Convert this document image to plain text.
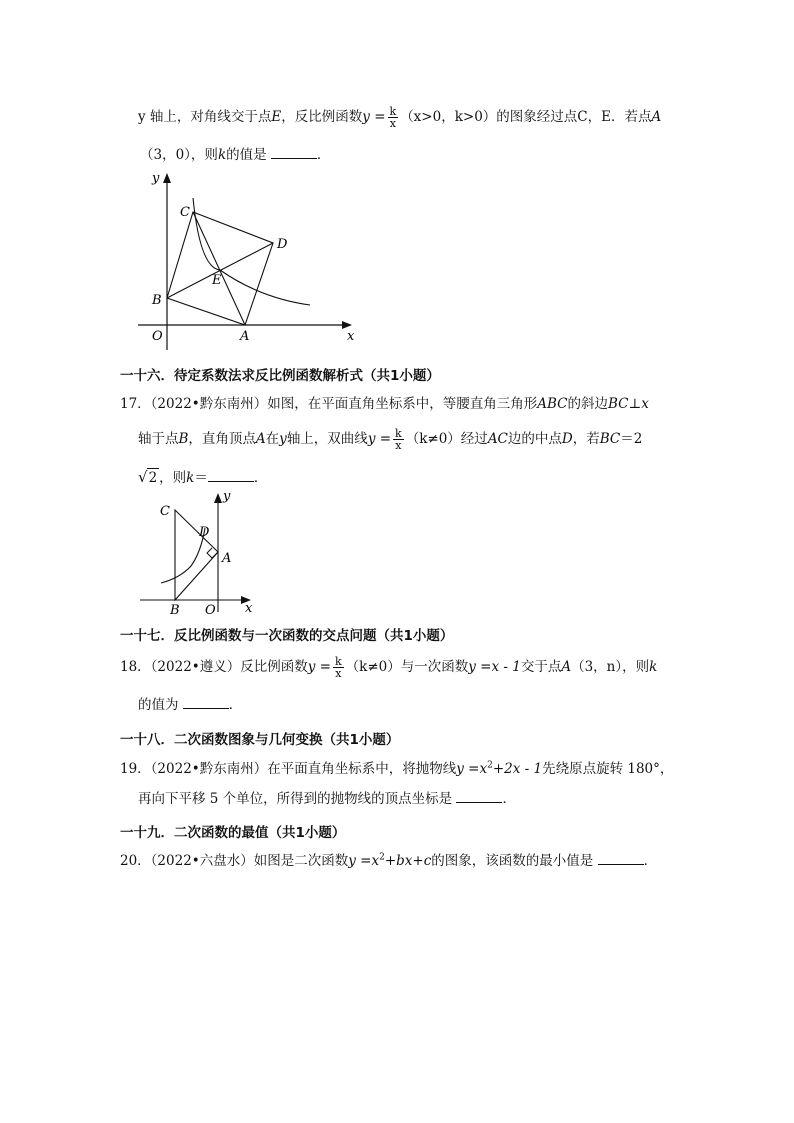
y 轴上，对角线交于点E，反比例函数$y = \frac{k}{x} (x>0$，k>0）的图象经过点C，E．若点A
（3，0），则k的值是	．
y
x
O	A
B
C
D
E
一十六．待定系数法求反比例函数解析式（共1小题）
17．（2022•黔东南州）如图，在平面直角坐标系中，等腰直角三角形ABC的斜边BC⊥x
轴于点B，直角顶点A在y轴上，双曲线$y = \frac{k}{x} (k\ne 0)$经过AC边的中点D，若BC＝2
√2 ，则k＝	．
C
D
A
y
x
B O
一十七．反比例函数与一次函数的交点问题（共1小题）
18．（2022•遵义）反比例函数$y = \frac{k}{x} (k\ne 0)$与一次函数y =x - 1交于点A（3，n），则k
的值为	．
一十八．二次函数图象与几何变换（共1小题）
19．（2022•黔东南州）在平面直角坐标系中，将抛物线$y =x^2+2x - 1$先绕原点旋转 180°，
再向下平移 5 个单位，所得到的抛物线的顶点坐标是	．
一十九．二次函数的最值（共1小题）
20．（2022•六盘水）如图是二次函数$y =x^2+bx+c$的图象，该函数的最小值是	．
